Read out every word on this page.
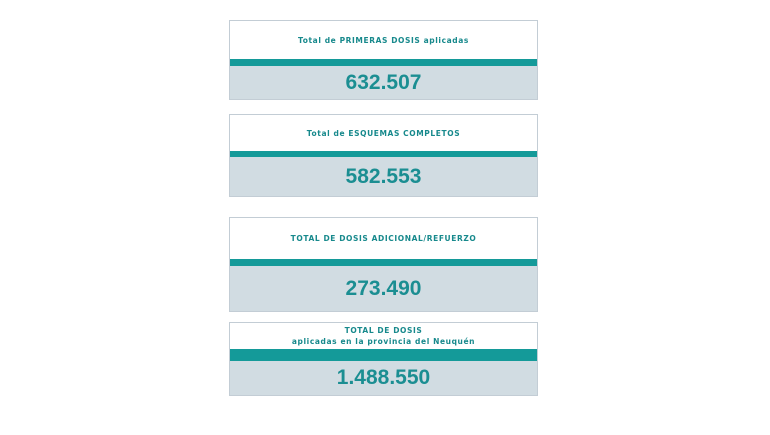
Total de PRIMERAS DOSIS aplicadas
632.507
Total de ESQUEMAS COMPLETOS
582.553
TOTAL DE DOSIS ADICIONAL/REFUERZO
273.490
TOTAL DE DOSIS
aplicadas en la provincia del Neuquén
1.488.550
